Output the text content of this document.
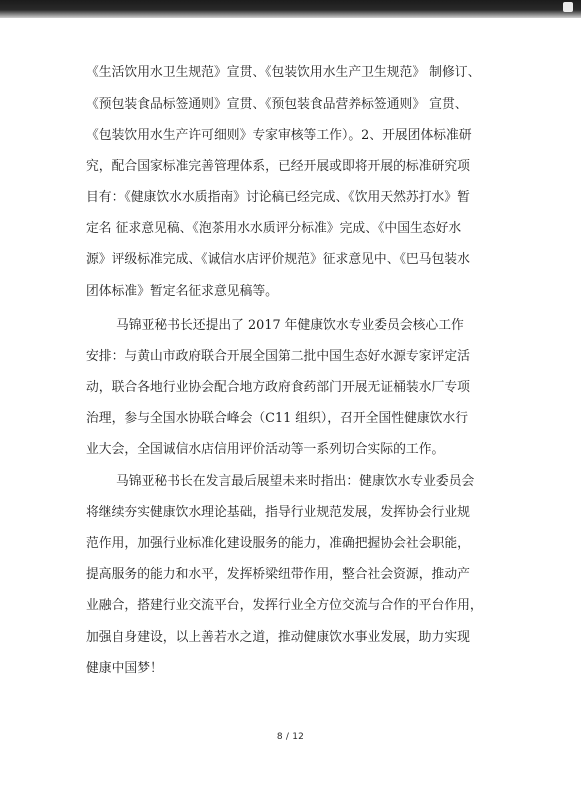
《生活饮用水卫生规范》宣贯、《包装饮用水生产卫生规范》 制修订、

《预包装食品标签通则》宣贯、《预包装食品营养标签通则》 宣贯、

《包装饮用水生产许可细则》专家审核等工作）。2、开展团体标准研

究，配合国家标准完善管理体系，已经开展或即将开展的标准研究项

目有：《健康饮水水质指南》讨论稿已经完成、《饮用天然苏打水》暂

定名 征求意见稿、《泡茶用水水质评分标准》完成、《中国生态好水

源》评级标准完成、《诚信水店评价规范》征求意见中、《巴马包装水

团体标准》暂定名征求意见稿等。

马锦亚秘书长还提出了 2017 年健康饮水专业委员会核心工作

安排：与黄山市政府联合开展全国第二批中国生态好水源专家评定活

动，联合各地行业协会配合地方政府食药部门开展无证桶装水厂专项

治理，参与全国水协联合峰会（C11 组织），召开全国性健康饮水行

业大会，全国诚信水店信用评价活动等一系列切合实际的工作。

马锦亚秘书长在发言最后展望未来时指出：健康饮水专业委员会

将继续夯实健康饮水理论基础，指导行业规范发展，发挥协会行业规

范作用，加强行业标准化建设服务的能力，准确把握协会社会职能，

提高服务的能力和水平，发挥桥梁纽带作用，整合社会资源，推动产

业融合，搭建行业交流平台，发挥行业全方位交流与合作的平台作用，

加强自身建设，以上善若水之道，推动健康饮水事业发展，助力实现

健康中国梦！

8 / 12
